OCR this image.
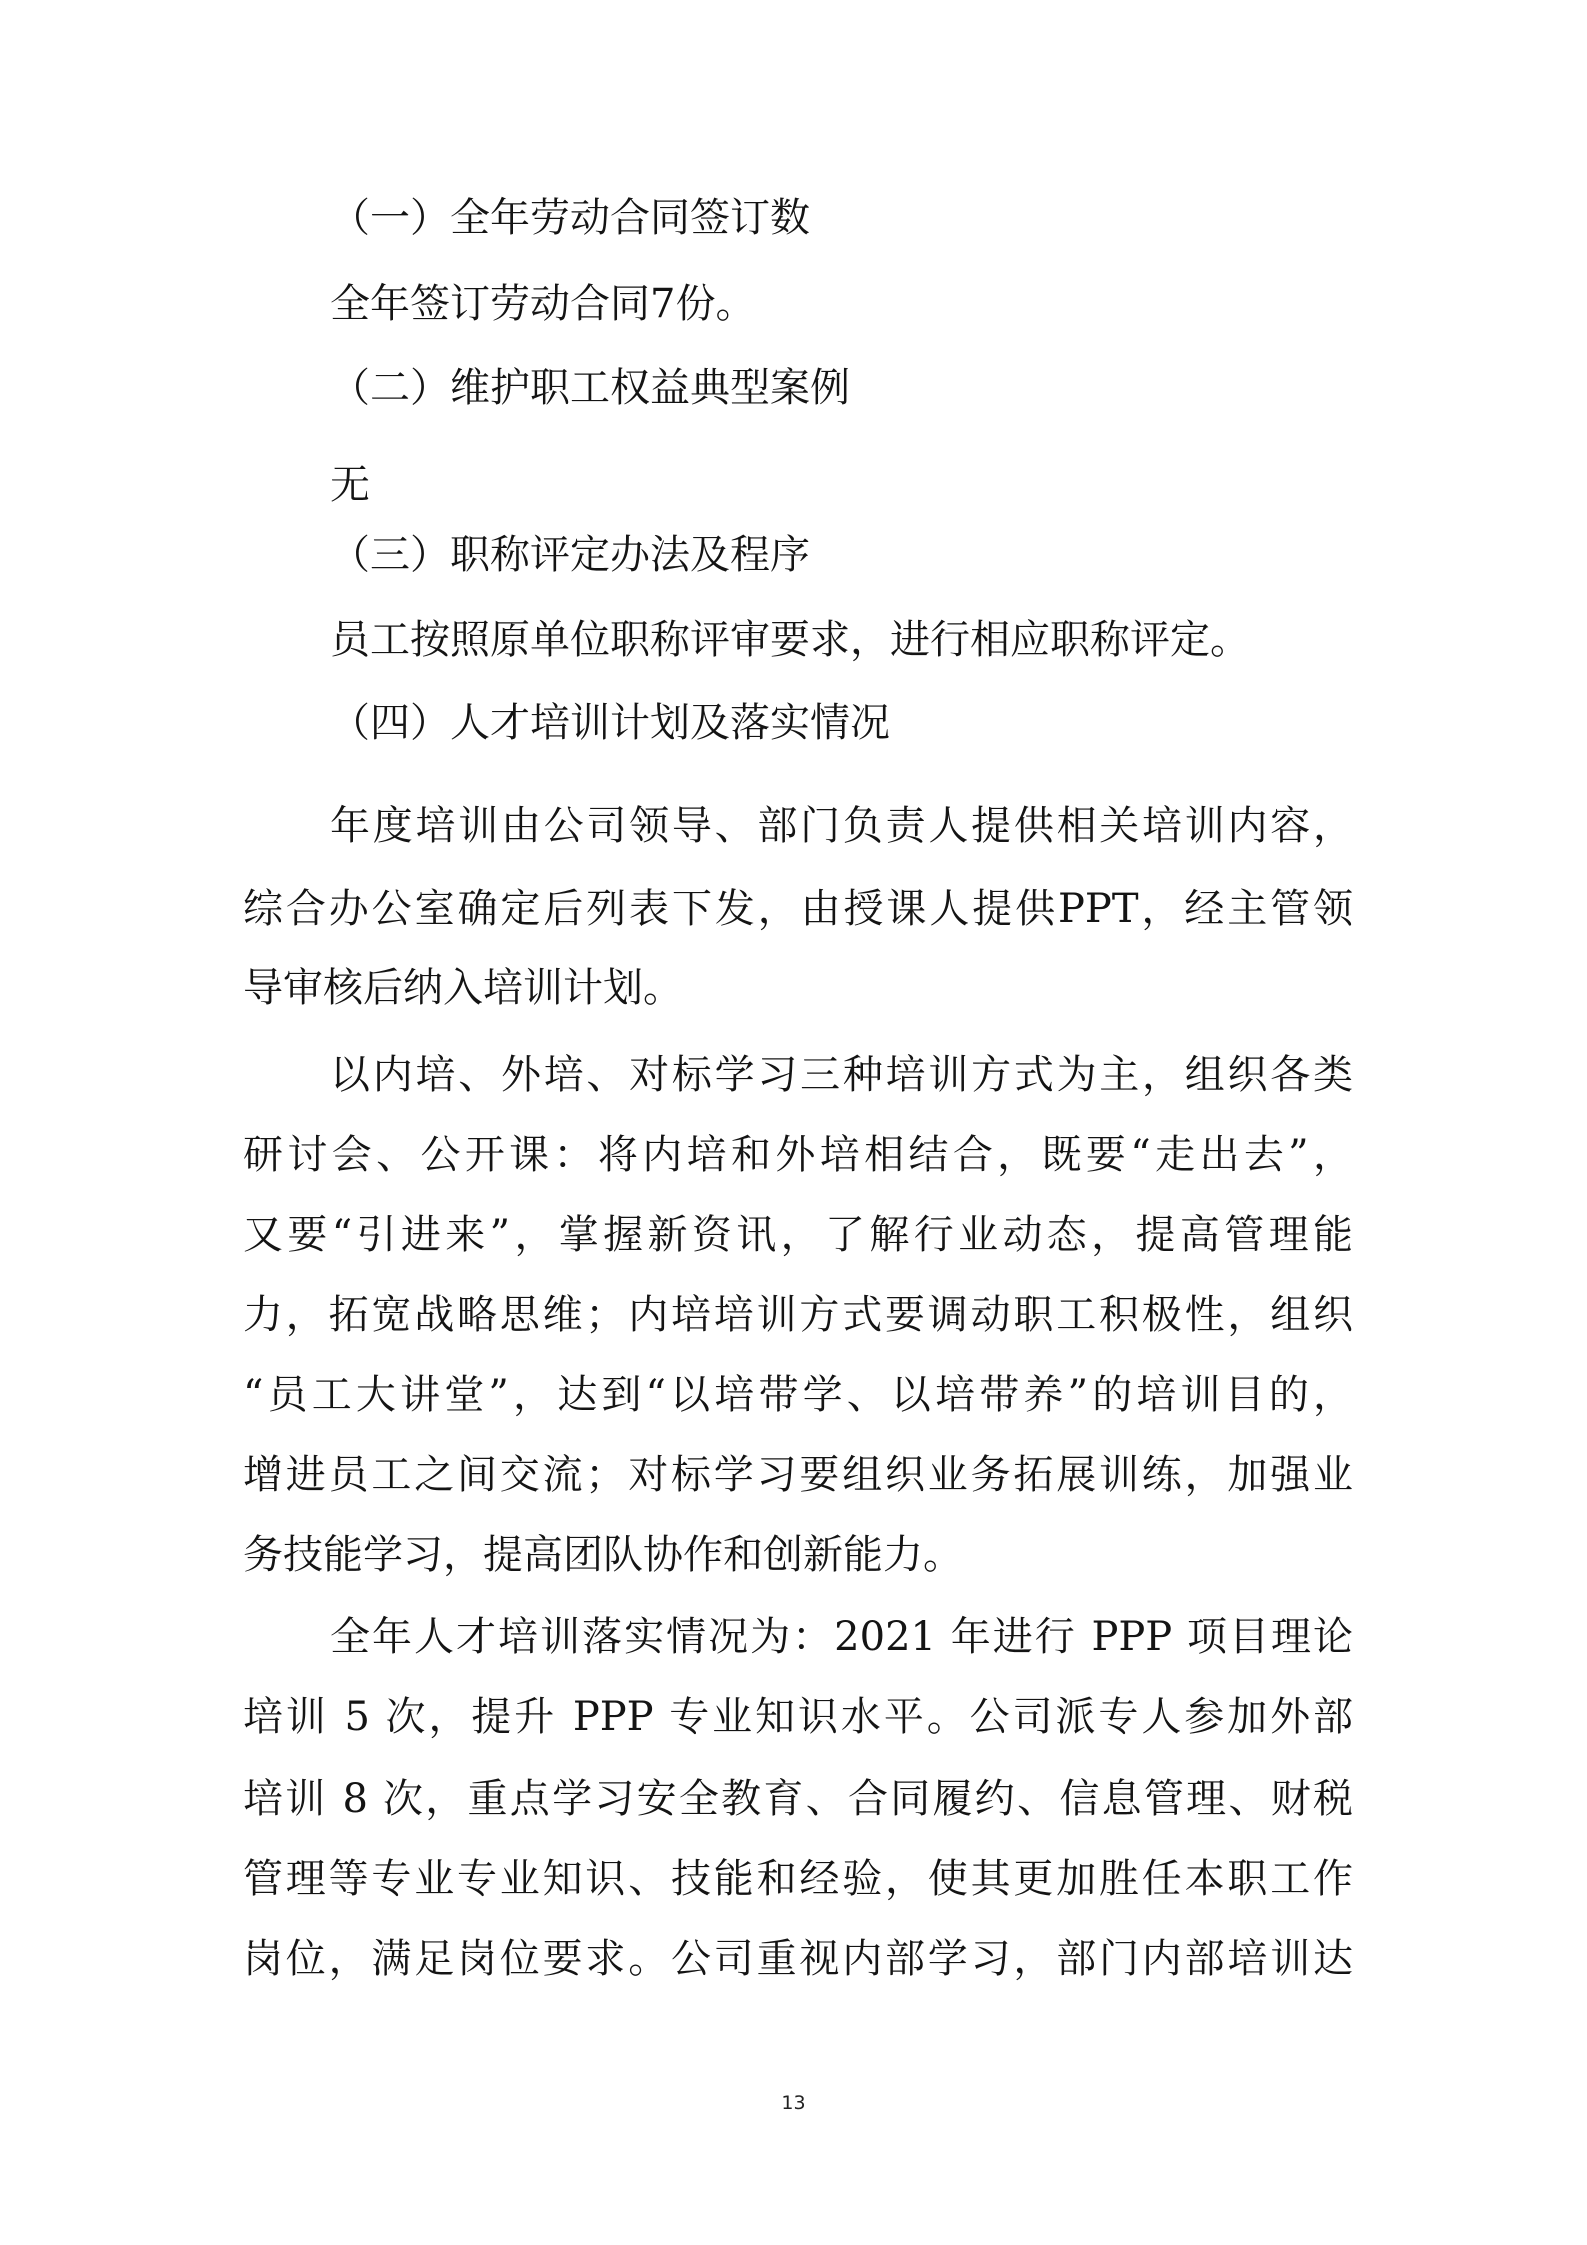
（一）全年劳动合同签订数
全年签订劳动合同7份。
（二）维护职工权益典型案例
无
（三）职称评定办法及程序
员工按照原单位职称评审要求，进行相应职称评定。
（四）人才培训计划及落实情况
年度培训由公司领导、部门负责人提供相关培训内容，
综合办公室确定后列表下发，由授课人提供PPT，经主管领
导审核后纳入培训计划。
以内培、外培、对标学习三种培训方式为主，组织各类
研讨会、公开课：将内培和外培相结合，既要“走出去”，
又要“引进来”，掌握新资讯，了解行业动态，提高管理能
力，拓宽战略思维；内培培训方式要调动职工积极性，组织
“员工大讲堂”，达到“以培带学、以培带养”的培训目的，
增进员工之间交流；对标学习要组织业务拓展训练，加强业
务技能学习，提高团队协作和创新能力。
全年人才培训落实情况为：2021 年进行 PPP 项目理论
培训 5 次，提升 PPP 专业知识水平。公司派专人参加外部
培训 8 次，重点学习安全教育、合同履约、信息管理、财税
管理等专业专业知识、技能和经验，使其更加胜任本职工作
岗位，满足岗位要求。公司重视内部学习，部门内部培训达
13
